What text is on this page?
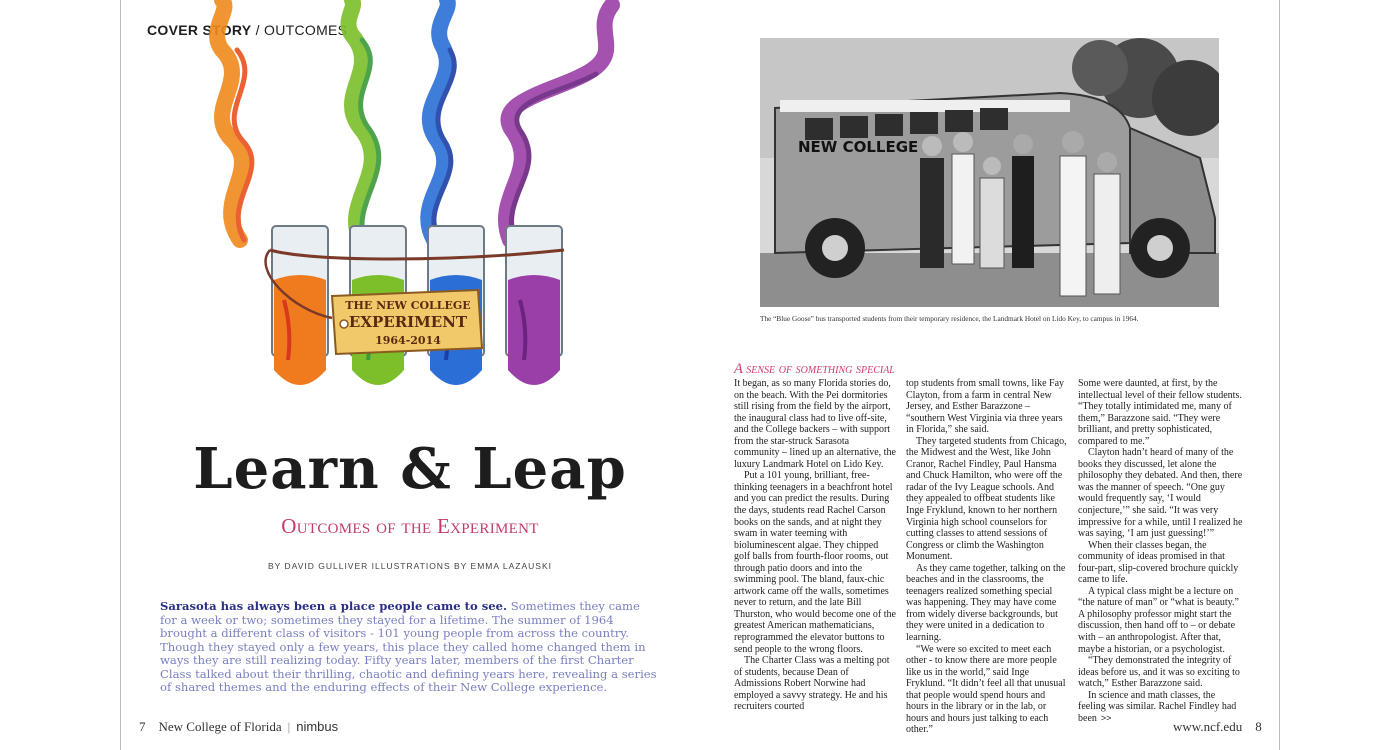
COVER STORY / OUTCOMES
THE NEW COLLEGE
EXPERIMENT
1964-2014
Learn & Leap
Outcomes of the Experiment
BY DAVID GULLIVER ILLUSTRATIONS BY EMMA LAZAUSKI

Sarasota has always been a place people came to see. Sometimes they came for a week or two; sometimes they stayed for a lifetime. The summer of 1964 brought a different class of visitors - 101 young people from across the country. Though they stayed only a few years, this place they called home changed them in ways they are still realizing today. Fifty years later, members of the first Charter Class talked about their thrilling, chaotic and defining years here, revealing a series of shared themes and the enduring effects of their New College experience.

NEW COLLEGE
The “Blue Goose” bus transported students from their temporary residence, the Landmark Hotel on Lido Key, to campus in 1964.
A sense of something special

It began, as so many Florida stories do, on the beach. With the Pei dormitories still rising from the field by the airport, the inaugural class had to live off-site, and the College backers – with support from the star-struck Sarasota community – lined up an alternative, the luxury Landmark Hotel on Lido Key.

Put a 101 young, brilliant, free-thinking teenagers in a beachfront hotel and you can predict the results. During the days, students read Rachel Carson books on the sands, and at night they swam in water teeming with bioluminescent algae. They chipped golf balls from fourth-floor rooms, out through patio doors and into the swimming pool. The bland, faux-chic artwork came off the walls, sometimes never to return, and the late Bill Thurston, who would become one of the greatest American mathematicians, reprogrammed the elevator buttons to send people to the wrong floors.

The Charter Class was a melting pot of students, because Dean of Admissions Robert Norwine had employed a savvy strategy. He and his recruiters courted

top students from small towns, like Fay Clayton, from a farm in central New Jersey, and Esther Barazzone – “southern West Virginia via three years in Florida,” she said.

They targeted students from Chicago, the Midwest and the West, like John Cranor, Rachel Findley, Paul Hansma and Chuck Hamilton, who were off the radar of the Ivy League schools. And they appealed to offbeat students like Inge Fryklund, known to her northern Virginia high school counselors for cutting classes to attend sessions of Congress or climb the Washington Monument.

As they came together, talking on the beaches and in the classrooms, the teenagers realized something special was happening. They may have come from widely diverse backgrounds, but they were united in a dedication to learning.

“We were so excited to meet each other - to know there are more people like us in the world,” said Inge Fryklund. “It didn’t feel all that unusual that people would spend hours and hours in the library or in the lab, or hours and hours just talking to each other.”

Some were daunted, at first, by the intellectual level of their fellow students. “They totally intimidated me, many of them,” Barazzone said. “They were brilliant, and pretty sophisticated, compared to me.”

Clayton hadn’t heard of many of the books they discussed, let alone the philosophy they debated. And then, there was the manner of speech. “One guy would frequently say, ‘I would conjecture,’” she said. “It was very impressive for a while, until I realized he was saying, ‘I am just guessing!’”

When their classes began, the community of ideas promised in that four-part, slip-covered brochure quickly came to life.

A typical class might be a lecture on “the nature of man” or “what is beauty.” A philosophy professor might start the discussion, then hand off to – or debate with – an anthropologist. After that, maybe a historian, or a psychologist.

“They demonstrated the integrity of ideas before us, and it was so exciting to watch,” Esther Barazzone said.

In science and math classes, the feeling was similar. Rachel Findley had been >>

7 New College of Florida | nimbus	www.ncf.edu 8
